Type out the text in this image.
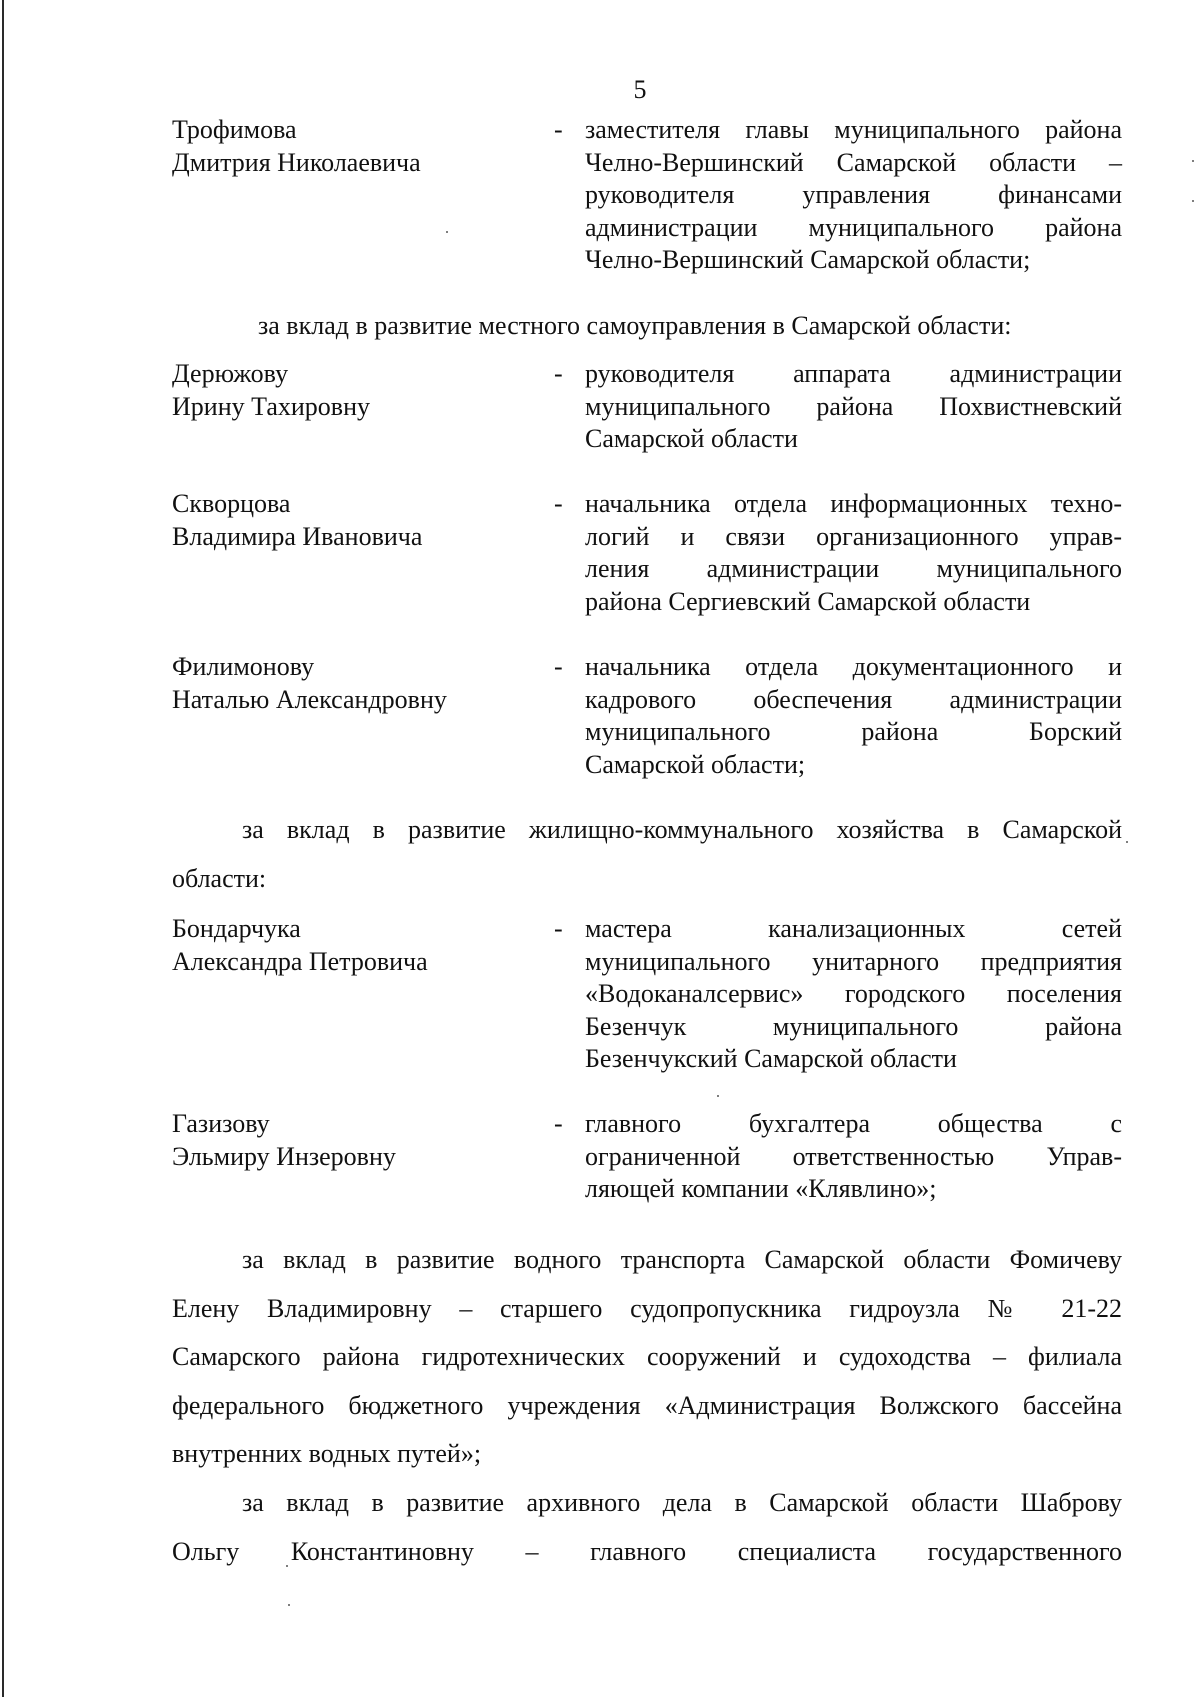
5
Трофимова
Дмитрия Николаевича
- заместителя главы муниципального района
Челно-Вершинский Самарской области –
руководителя управления финансами
администрации муниципального района
Челно-Вершинский Самарской области;
за вклад в развитие местного самоуправления в Самарской области:
Дерюжову
Ирину Тахировну
- руководителя аппарата администрации
муниципального района Похвистневский
Самарской области
Скворцова
Владимира Ивановича
- начальника отдела информационных техно-
логий и связи организационного управ-
ления администрации муниципального
района Сергиевский Самарской области
Филимонову
Наталью Александровну
- начальника отдела документационного и
кадрового обеспечения администрации
муниципального района Борский
Самарской области;
за вклад в развитие жилищно-коммунального хозяйства в Самарской
области:
Бондарчука
Александра Петровича
- мастера канализационных сетей
муниципального унитарного предприятия
«Водоканалсервис» городского поселения
Безенчук муниципального района
Безенчукский Самарской области
Газизову
Эльмиру Инзеровну
- главного бухгалтера общества с
ограниченной ответственностью Управ-
ляющей компании «Клявлино»;
за вклад в развитие водного транспорта Самарской области Фомичеву
Елену Владимировну – старшего судопропускника гидроузла № 21-22
Самарского района гидротехнических сооружений и судоходства – филиала
федерального бюджетного учреждения «Администрация Волжского бассейна
внутренних водных путей»;
за вклад в развитие архивного дела в Самарской области Шаброву
Ольгу Константиновну – главного специалиста государственного
